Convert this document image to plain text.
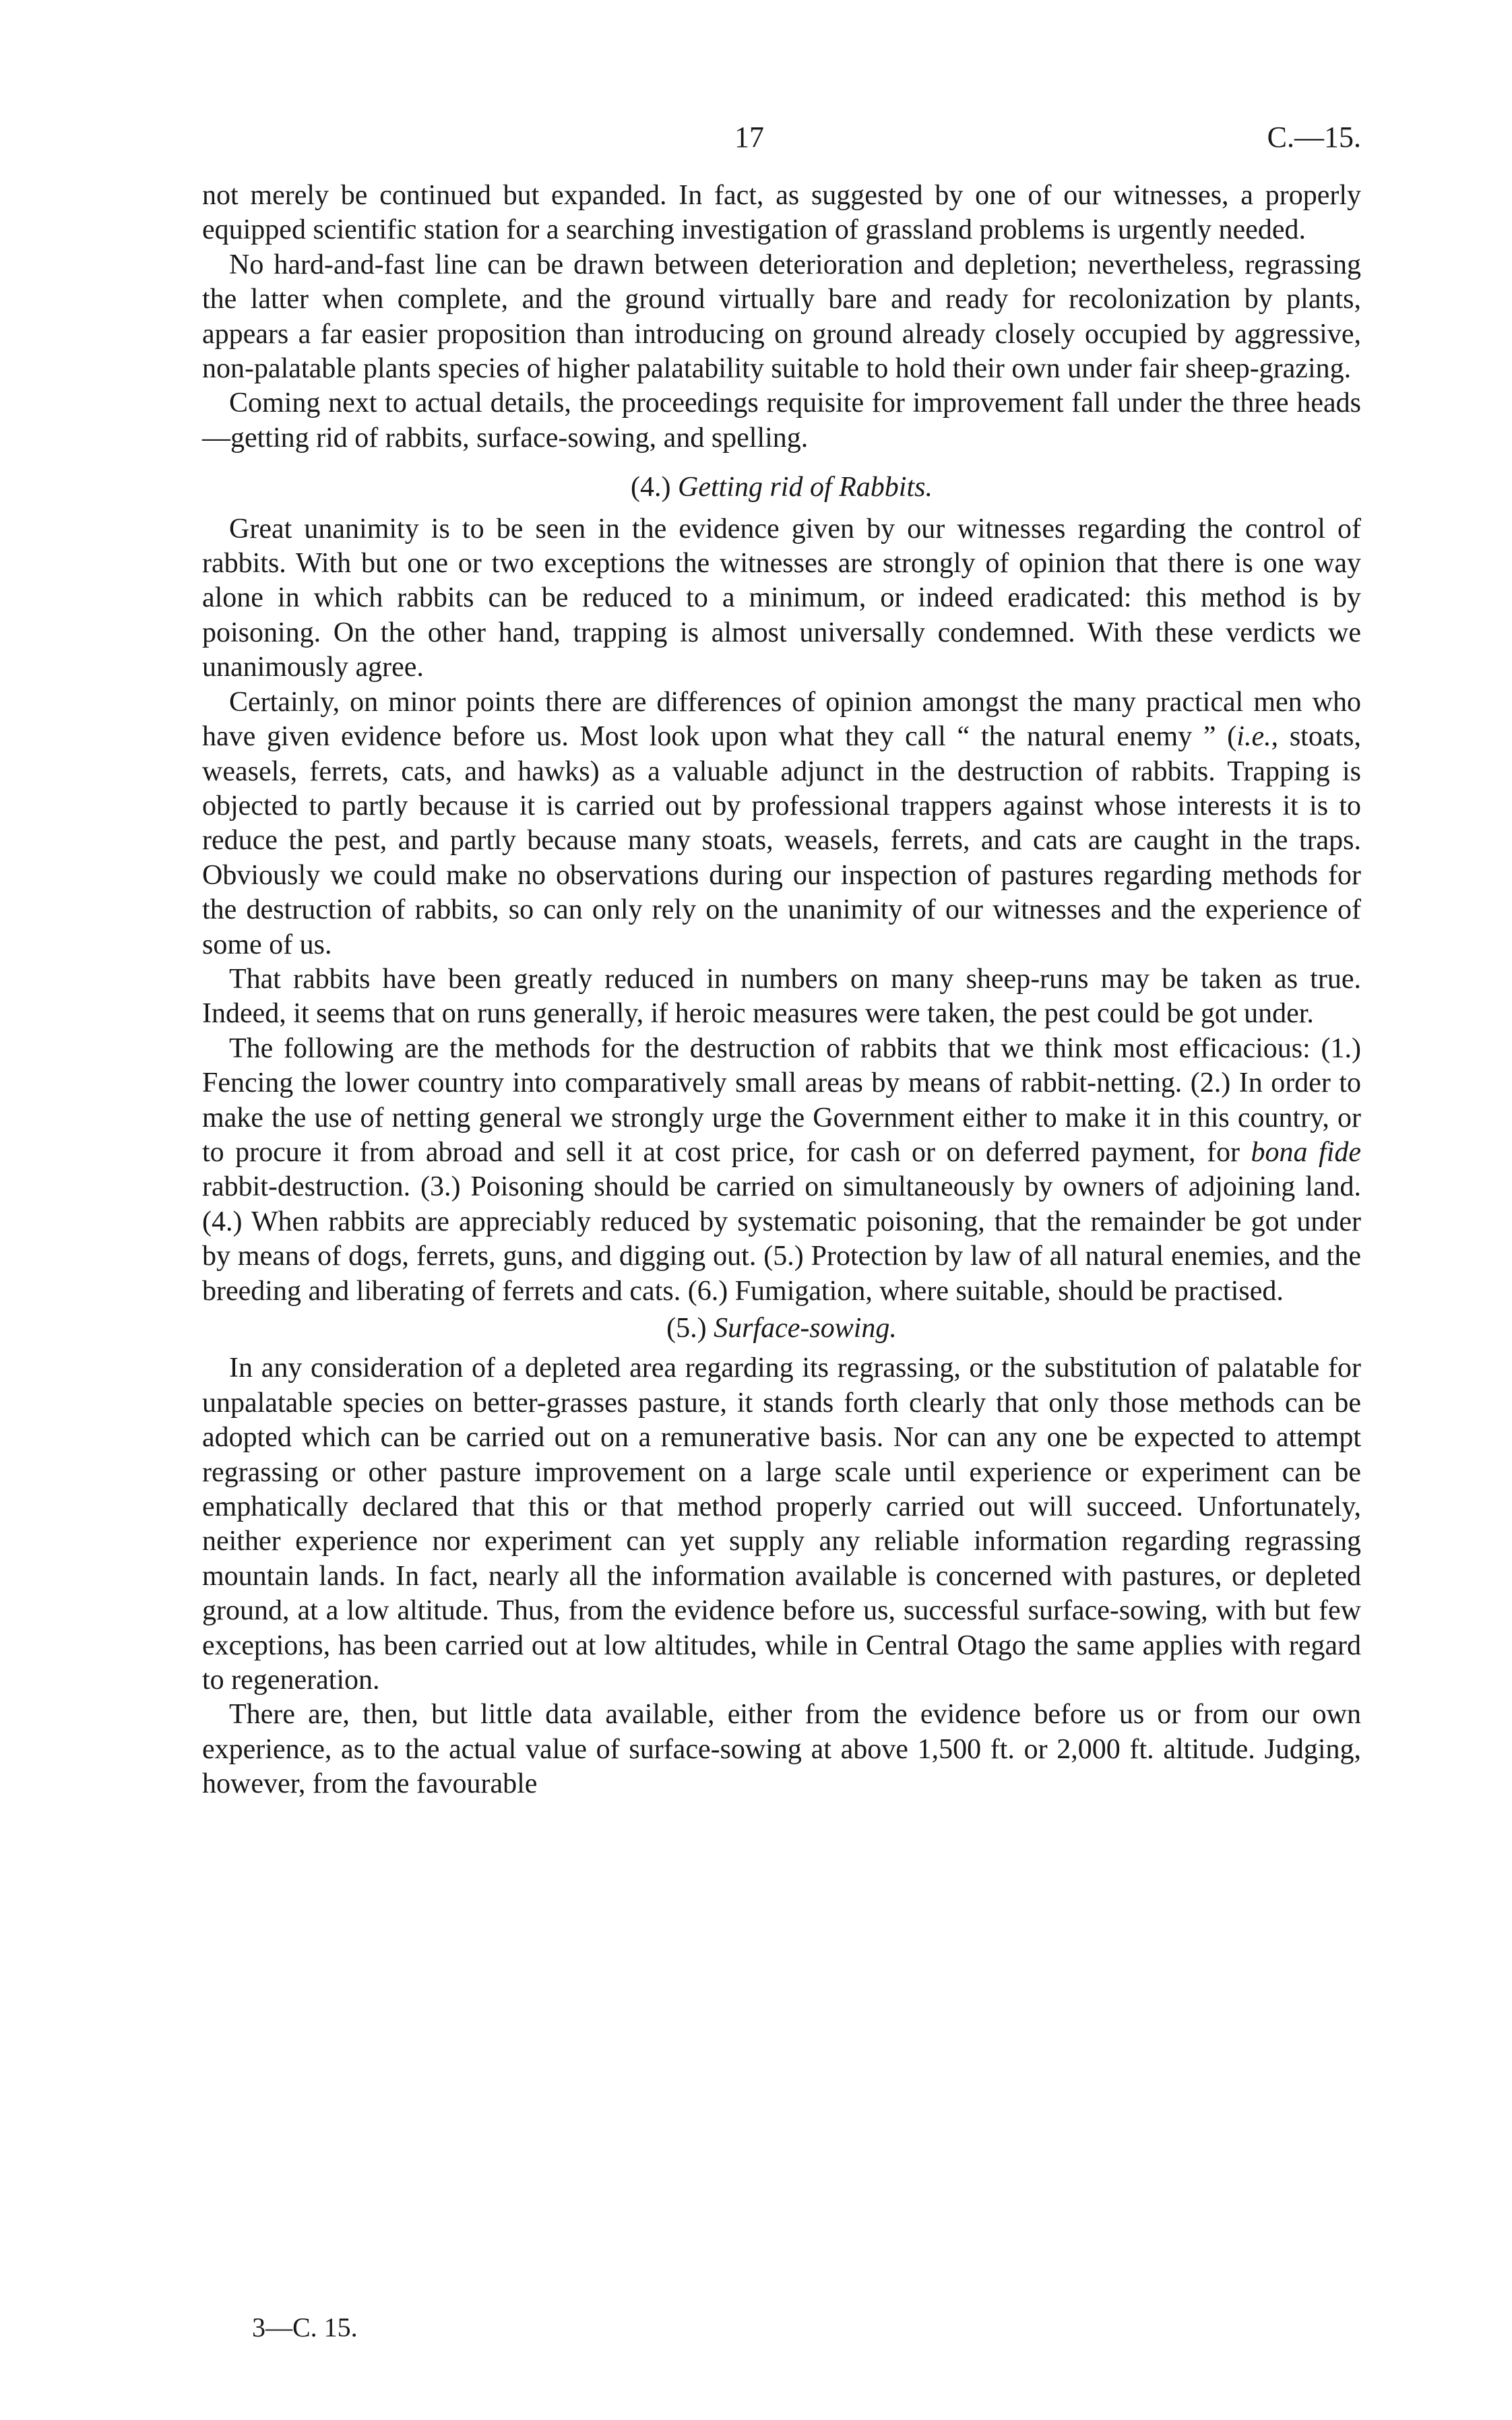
17	C.—15.

not merely be continued but expanded. In fact, as suggested by one of our witnesses, a properly equipped scientific station for a searching investigation of grassland problems is urgently needed.

No hard-and-fast line can be drawn between deterioration and depletion; nevertheless, regrassing the latter when complete, and the ground virtually bare and ready for recolonization by plants, appears a far easier proposition than introducing on ground already closely occupied by aggressive, non-palatable plants species of higher palatability suitable to hold their own under fair sheep-grazing.

Coming next to actual details, the proceedings requisite for improvement fall under the three heads—getting rid of rabbits, surface-sowing, and spelling.

(4.) Getting rid of Rabbits.

Great unanimity is to be seen in the evidence given by our witnesses regarding the control of rabbits. With but one or two exceptions the witnesses are strongly of opinion that there is one way alone in which rabbits can be reduced to a minimum, or indeed eradicated: this method is by poisoning. On the other hand, trapping is almost universally condemned. With these verdicts we unanimously agree.

Certainly, on minor points there are differences of opinion amongst the many practical men who have given evidence before us. Most look upon what they call “ the natural enemy ” (i.e., stoats, weasels, ferrets, cats, and hawks) as a valuable adjunct in the destruction of rabbits. Trapping is objected to partly because it is carried out by professional trappers against whose interests it is to reduce the pest, and partly because many stoats, weasels, ferrets, and cats are caught in the traps. Obviously we could make no observations during our inspection of pastures regarding methods for the destruction of rabbits, so can only rely on the unanimity of our witnesses and the experience of some of us.

That rabbits have been greatly reduced in numbers on many sheep-runs may be taken as true. Indeed, it seems that on runs generally, if heroic measures were taken, the pest could be got under.

The following are the methods for the destruction of rabbits that we think most efficacious: (1.) Fencing the lower country into comparatively small areas by means of rabbit-netting. (2.) In order to make the use of netting general we strongly urge the Government either to make it in this country, or to procure it from abroad and sell it at cost price, for cash or on deferred payment, for bona fide rabbit-destruction. (3.) Poisoning should be carried on simultaneously by owners of adjoining land. (4.) When rabbits are appreciably reduced by systematic poisoning, that the remainder be got under by means of dogs, ferrets, guns, and digging out. (5.) Protection by law of all natural enemies, and the breeding and liberating of ferrets and cats. (6.) Fumigation, where suitable, should be practised.

(5.) Surface-sowing.

In any consideration of a depleted area regarding its regrassing, or the substitution of palatable for unpalatable species on better-grasses pasture, it stands forth clearly that only those methods can be adopted which can be carried out on a remunerative basis. Nor can any one be expected to attempt regrassing or other pasture improvement on a large scale until experience or experiment can be emphatically declared that this or that method properly carried out will succeed. Unfortunately, neither experience nor experiment can yet supply any reliable information regarding regrassing mountain lands. In fact, nearly all the information available is concerned with pastures, or depleted ground, at a low altitude. Thus, from the evidence before us, successful surface-sowing, with but few exceptions, has been carried out at low altitudes, while in Central Otago the same applies with regard to regeneration.

There are, then, but little data available, either from the evidence before us or from our own experience, as to the actual value of surface-sowing at above 1,500 ft. or 2,000 ft. altitude. Judging, however, from the favourable

3—C. 15.
